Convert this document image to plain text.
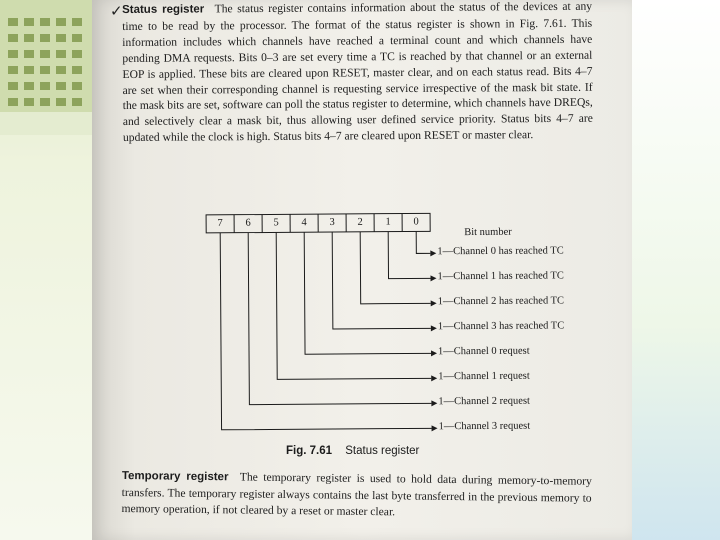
✓ Status register The status register contains information about the status of the devices at any time to be read by the processor. The format of the status register is shown in Fig. 7.61. This information includes which channels have reached a terminal count and which channels have pending DMA requests. Bits 0–3 are set every time a TC is reached by that channel or an external EOP is applied. These bits are cleared upon RESET, master clear, and on each status read. Bits 4–7 are set when their corresponding channel is requesting service irrespective of the mask bit state. If the mask bits are set, software can poll the status register to determine, which channels have DREQs, and selectively clear a mask bit, thus allowing user defined service priority. Status bits 4–7 are updated while the clock is high. Status bits 4–7 are cleared upon RESET or master clear.

7	6	5	4	3	2	1	0
Bit number
1—Channel 0 has reached TC
1—Channel 1 has reached TC
1—Channel 2 has reached TC
1—Channel 3 has reached TC
1—Channel 0 request
1—Channel 1 request
1—Channel 2 request
1—Channel 3 request
Fig. 7.61 Status register

Temporary register The temporary register is used to hold data during memory-to-memory transfers. The temporary register always contains the last byte transferred in the previous memory to memory operation, if not cleared by a reset or master clear.
